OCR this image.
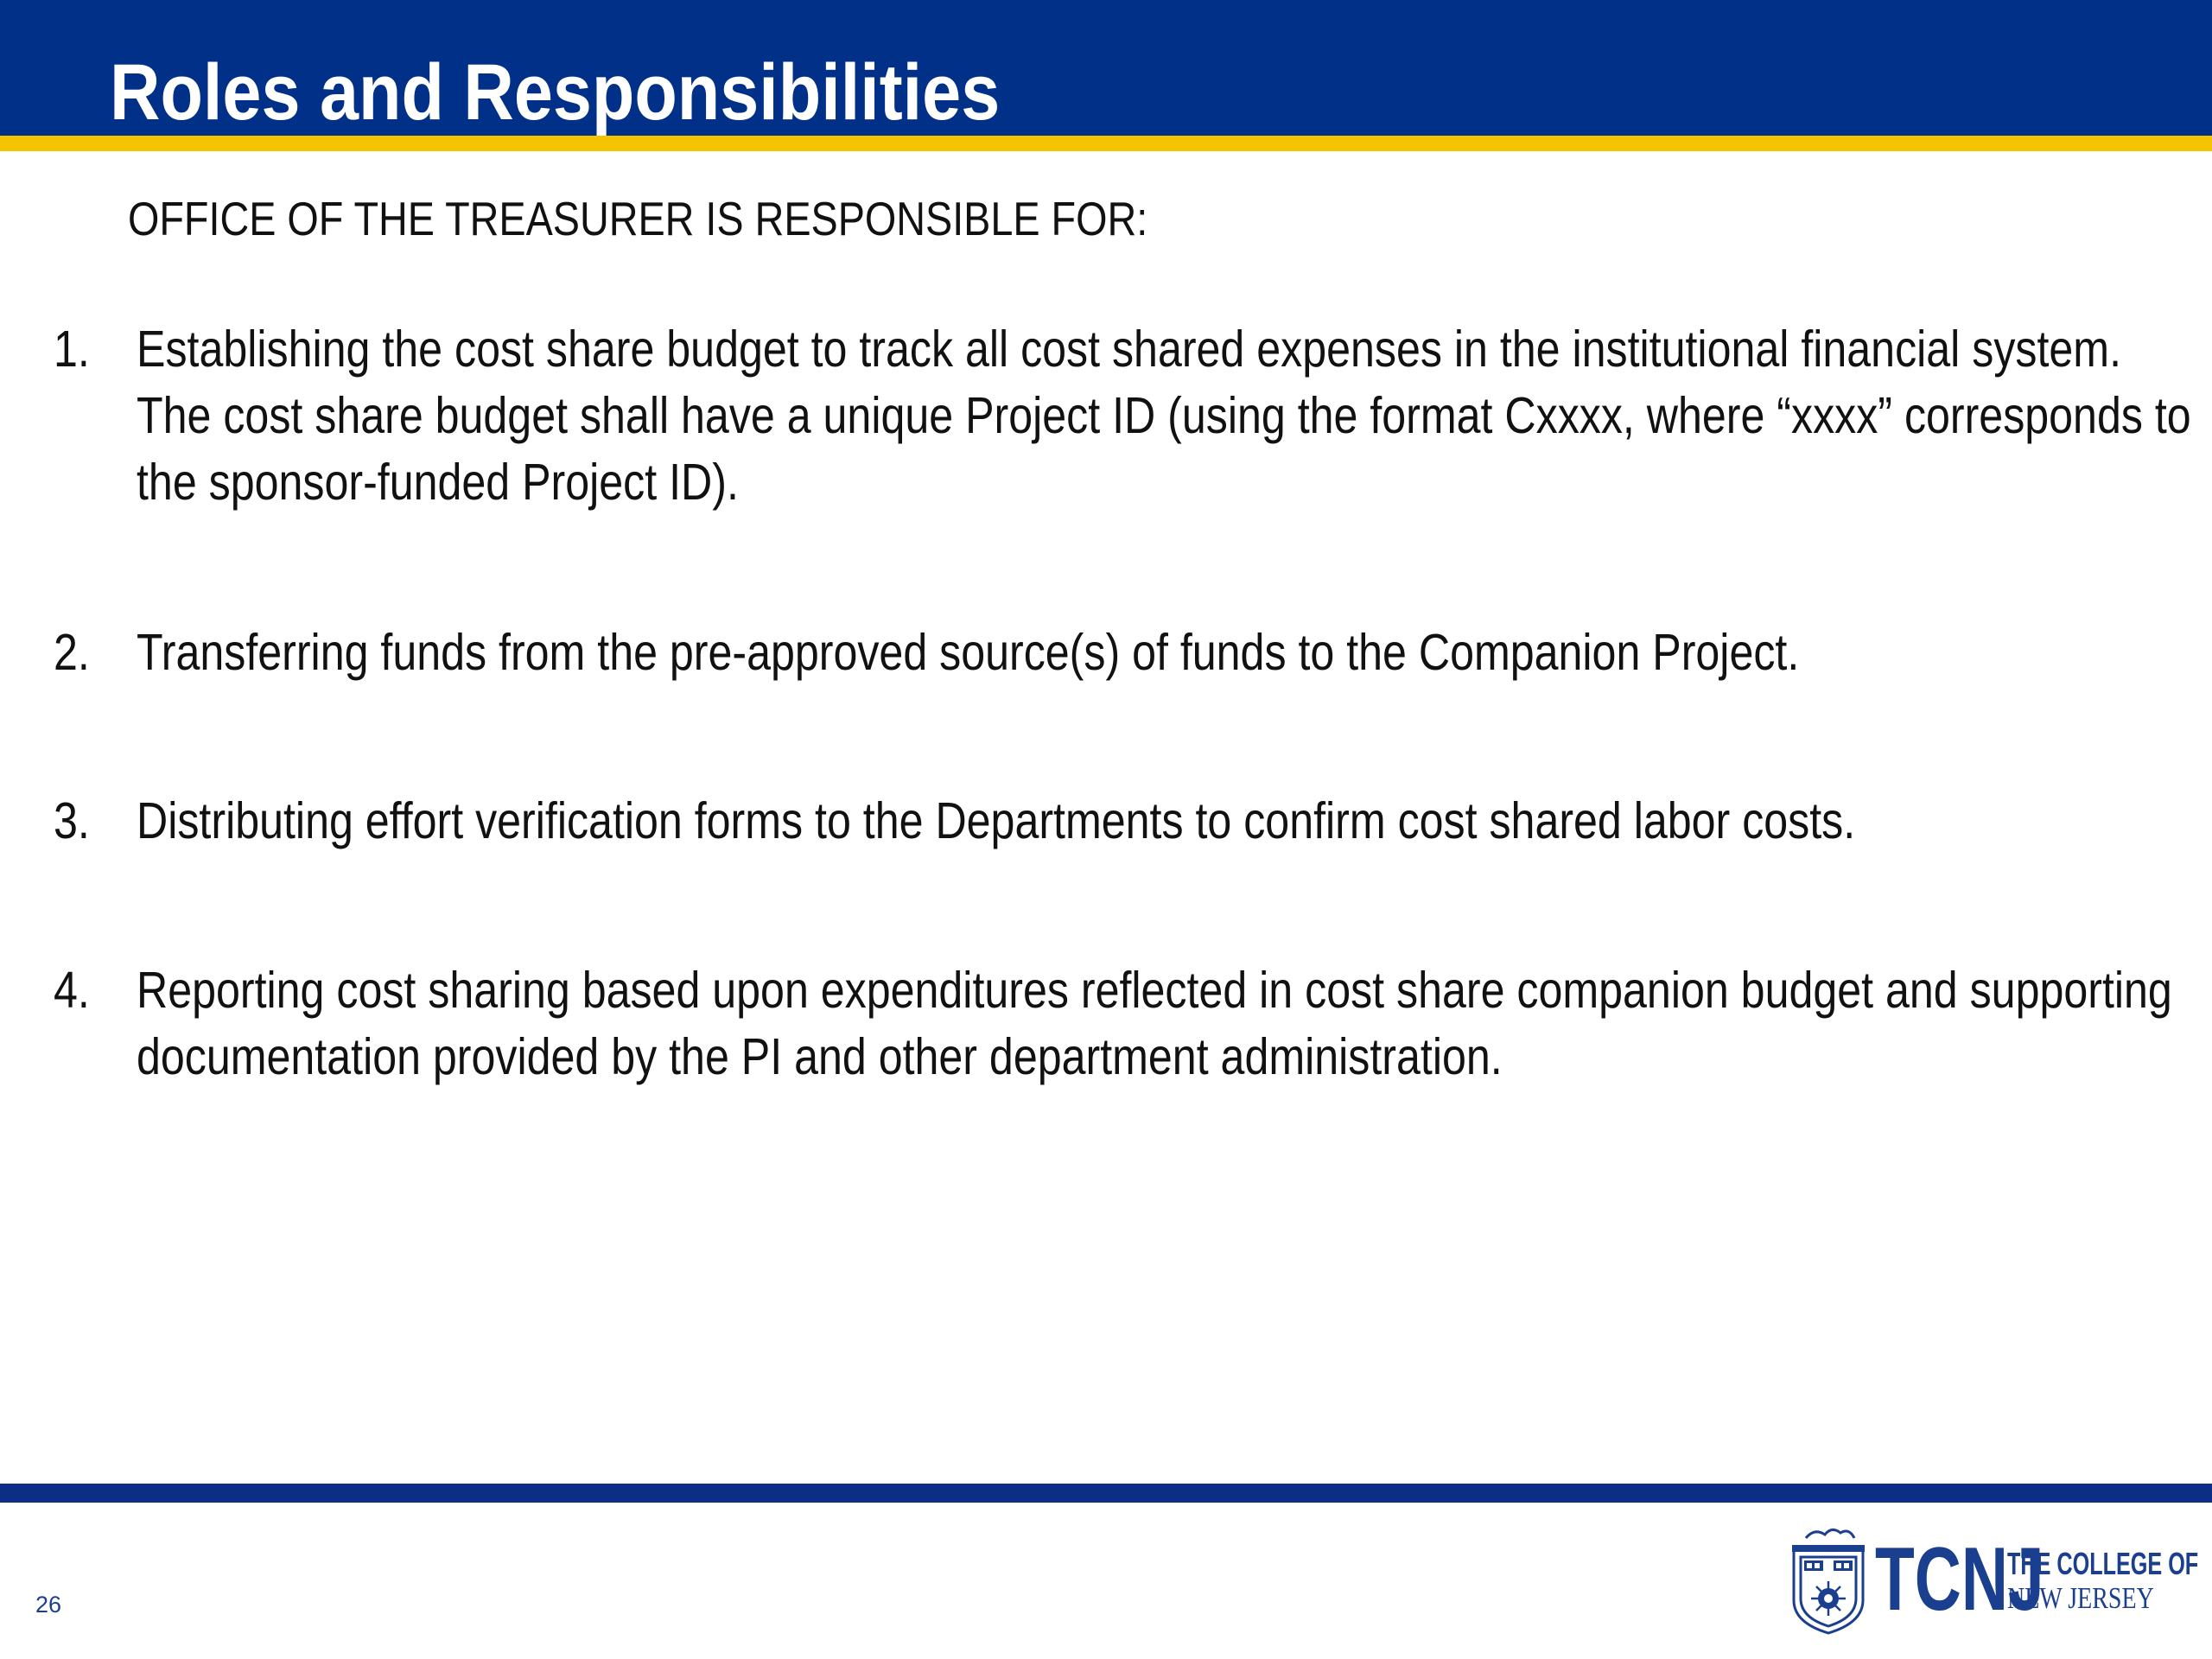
Roles and Responsibilities

OFFICE OF THE TREASURER IS RESPONSIBLE FOR:

1. Establishing the cost share budget to track all cost shared expenses in the institutional financial system. The cost share budget shall have a unique Project ID (using the format Cxxxx, where “xxxx” corresponds to the sponsor-funded Project ID).
2. Transferring funds from the pre-approved source(s) of funds to the Companion Project.
3. Distributing effort verification forms to the Departments to confirm cost shared labor costs.
4. Reporting cost sharing based upon expenditures reflected in cost share companion budget and supporting documentation provided by the PI and other department administration.
26	TCNJ
THE COLLEGE OF
NEW JERSEY
